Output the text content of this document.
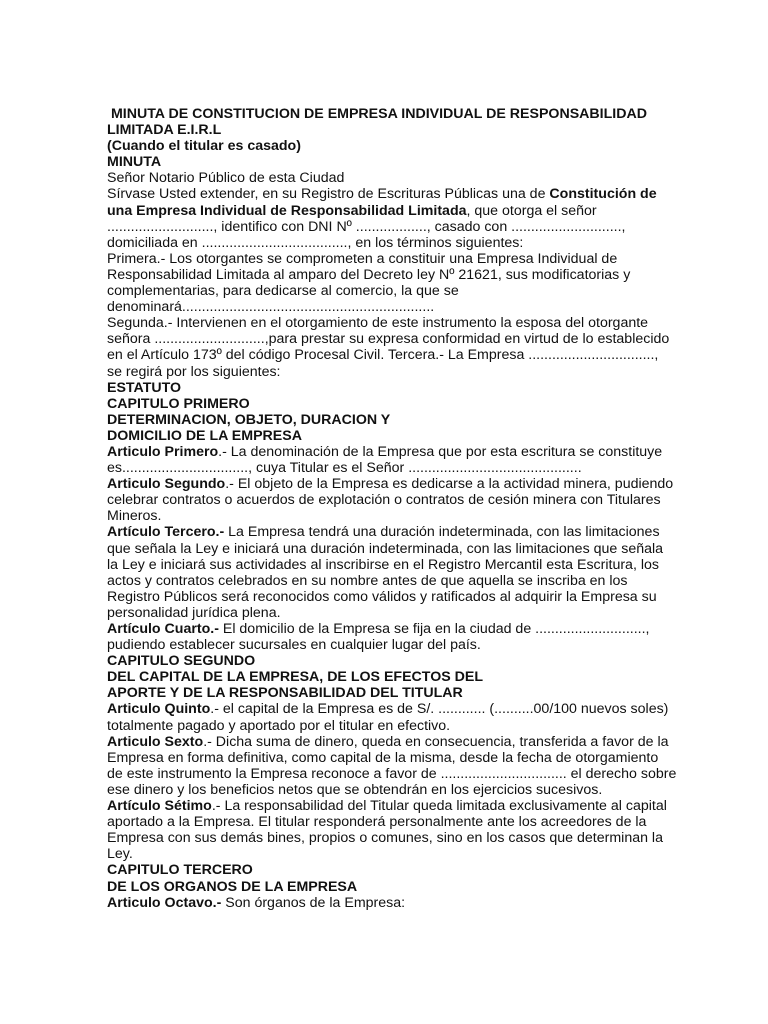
MINUTA DE CONSTITUCION DE EMPRESA INDIVIDUAL DE RESPONSABILIDAD
LIMITADA E.I.R.L
(Cuando el titular es casado)
MINUTA
Señor Notario Público de esta Ciudad
Sírvase Usted extender, en su Registro de Escrituras Públicas una de Constitución de
una Empresa Individual de Responsabilidad Limitada, que otorga el señor
..........................., identifico con DNI Nº .................., casado con ............................,
domiciliada en ....................................., en los términos siguientes:
Primera.- Los otorgantes se comprometen a constituir una Empresa Individual de
Responsabilidad Limitada al amparo del Decreto ley Nº 21621, sus modificatorias y
complementarias, para dedicarse al comercio, la que se
denominará................................................................
Segunda.- Intervienen en el otorgamiento de este instrumento la esposa del otorgante
señora ............................,para prestar su expresa conformidad en virtud de lo establecido
en el Artículo 173º del código Procesal Civil. Tercera.- La Empresa ................................,
se regirá por los siguientes:
ESTATUTO
CAPITULO PRIMERO
DETERMINACION, OBJETO, DURACION Y
DOMICILIO DE LA EMPRESA
Articulo Primero.- La denominación de la Empresa que por esta escritura se constituye
es................................, cuya Titular es el Señor ............................................
Articulo Segundo.- El objeto de la Empresa es dedicarse a la actividad minera, pudiendo
celebrar contratos o acuerdos de explotación o contratos de cesión minera con Titulares
Mineros.
Artículo Tercero.- La Empresa tendrá una duración indeterminada, con las limitaciones
que señala la Ley e iniciará una duración indeterminada, con las limitaciones que señala
la Ley e iniciará sus actividades al inscribirse en el Registro Mercantil esta Escritura, los
actos y contratos celebrados en su nombre antes de que aquella se inscriba en los
Registro Públicos será reconocidos como válidos y ratificados al adquirir la Empresa su
personalidad jurídica plena.
Artículo Cuarto.- El domicilio de la Empresa se fija en la ciudad de ............................,
pudiendo establecer sucursales en cualquier lugar del país.
CAPITULO SEGUNDO
DEL CAPITAL DE LA EMPRESA, DE LOS EFECTOS DEL
APORTE Y DE LA RESPONSABILIDAD DEL TITULAR
Articulo Quinto.- el capital de la Empresa es de S/. ............ (..........00/100 nuevos soles)
totalmente pagado y aportado por el titular en efectivo.
Articulo Sexto.- Dicha suma de dinero, queda en consecuencia, transferida a favor de la
Empresa en forma definitiva, como capital de la misma, desde la fecha de otorgamiento
de este instrumento la Empresa reconoce a favor de ................................ el derecho sobre
ese dinero y los beneficios netos que se obtendrán en los ejercicios sucesivos.
Artículo Sétimo.- La responsabilidad del Titular queda limitada exclusivamente al capital
aportado a la Empresa. El titular responderá personalmente ante los acreedores de la
Empresa con sus demás bines, propios o comunes, sino en los casos que determinan la
Ley.
CAPITULO TERCERO
DE LOS ORGANOS DE LA EMPRESA
Articulo Octavo.- Son órganos de la Empresa:
